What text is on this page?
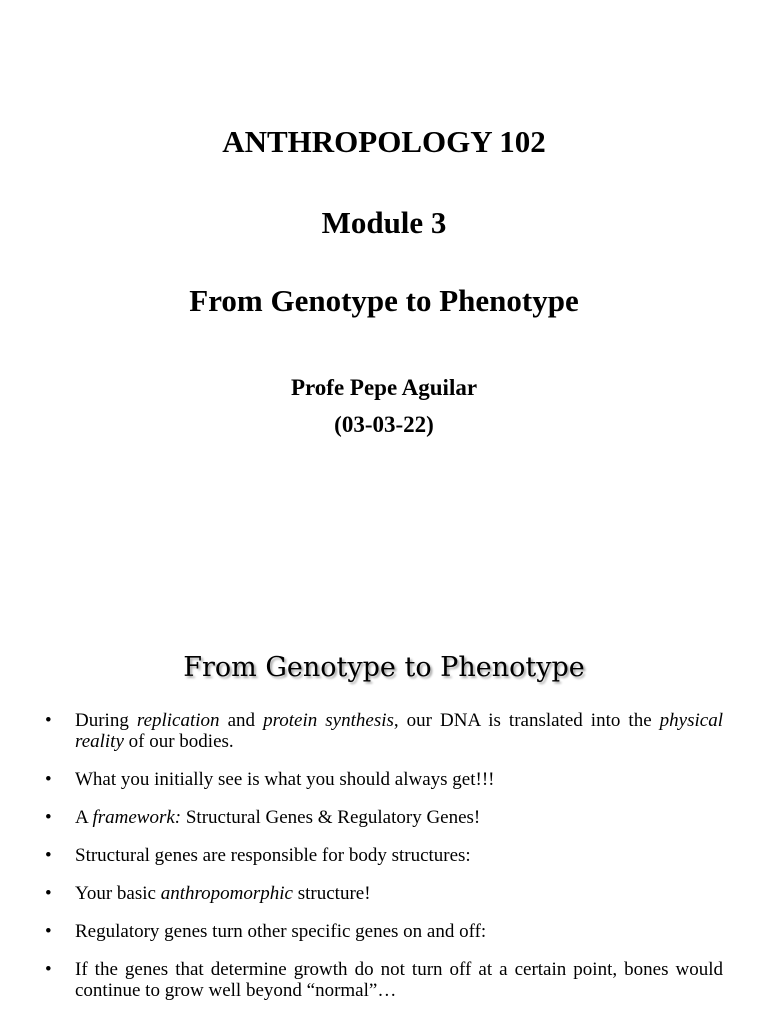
ANTHROPOLOGY 102
Module 3
From Genotype to Phenotype
Profe Pepe Aguilar
(03-03-22)
From Genotype to Phenotype
• During replication and protein synthesis, our DNA is translated into the physical reality of our bodies.
• What you initially see is what you should always get!!!
• A framework: Structural Genes & Regulatory Genes!
• Structural genes are responsible for body structures:
• Your basic anthropomorphic structure!
• Regulatory genes turn other specific genes on and off:
• If the genes that determine growth do not turn off at a certain point, bones would continue to grow well beyond “normal”…
